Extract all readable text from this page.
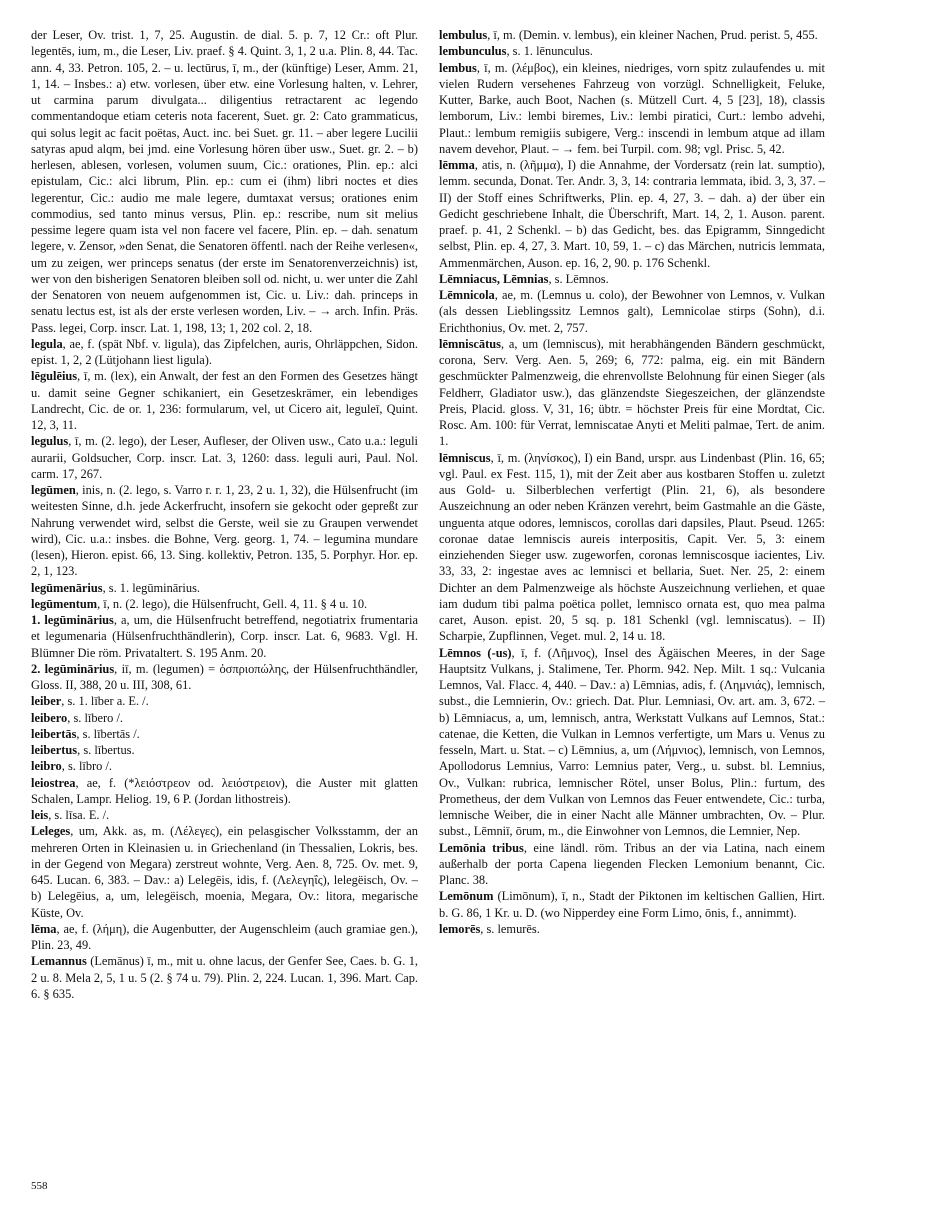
der Leser, Ov. trist. 1, 7, 25. Augustin. de dial. 5. p. 7, 12 Cr.: oft Plur. legentēs, ium, m., die Leser, Liv. praef. § 4. Quint. 3, 1, 2 u.a. Plin. 8, 44. Tac. ann. 4, 33. Petron. 105, 2. – u. lectūrus, ī, m., der (künftige) Leser, Amm. 21, 1, 14. – Insbes.: a) etw. vorlesen, über etw. eine Vorlesung halten, v. Lehrer, ut carmina parum divulgata... diligentius retractarent ac legendo commentandoque etiam ceteris nota facerent, Suet. gr. 2: Cato grammaticus, qui solus legit ac facit poëtas, Auct. inc. bei Suet. gr. 11. – aber legere Lucilii satyras apud alqm, bei jmd. eine Vorlesung hören über usw., Suet. gr. 2. – b) herlesen, ablesen, vorlesen, volumen suum, Cic.: orationes, Plin. ep.: alci epistulam, Cic.: alci librum, Plin. ep.: cum ei (ihm) libri noctes et dies legerentur, Cic.: audio me male legere, dumtaxat versus; orationes enim commodius, sed tanto minus versus, Plin. ep.: rescribe, num sit melius pessime legere quam ista vel non facere vel facere, Plin. ep. – dah. senatum legere, v. Zensor, »den Senat, die Senatoren öffentl. nach der Reihe verlesen«, um zu zeigen, wer princeps senatus (der erste im Senatorenverzeichnis) ist, wer von den bisherigen Senatoren bleiben soll od. nicht, u. wer unter die Zahl der Senatoren von neuem aufgenommen ist, Cic. u. Liv.: dah. princeps in senatu lectus est, ist als der erste verlesen worden, Liv. – → arch. Infin. Präs. Pass. legei, Corp. inscr. Lat. 1, 198, 13; 1, 202 col. 2, 18.

legula, ae, f. (spät Nbf. v. ligula), das Zipfelchen, auris, Ohrläppchen, Sidon. epist. 1, 2, 2 (Lütjohann liest ligula).

lēgulēius, ī, m. (lex), ein Anwalt, der fest an den Formen des Gesetzes hängt u. damit seine Gegner schikaniert, ein Gesetzeskrämer, ein lebendiges Landrecht, Cic. de or. 1, 236: formularum, vel, ut Cicero ait, leguleī, Quint. 12, 3, 11.

legulus, ī, m. (2. lego), der Leser, Aufleser, der Oliven usw., Cato u.a.: leguli aurarii, Goldsucher, Corp. inscr. Lat. 3, 1260: dass. leguli auri, Paul. Nol. carm. 17, 267.

legūmen, inis, n. (2. lego, s. Varro r. r. 1, 23, 2 u. 1, 32), die Hülsenfrucht (im weitesten Sinne, d.h. jede Ackerfrucht, insofern sie gekocht oder gepreßt zur Nahrung verwendet wird, selbst die Gerste, weil sie zu Graupen verwendet wird), Cic. u.a.: insbes. die Bohne, Verg. georg. 1, 74. – legumina mundare (lesen), Hieron. epist. 66, 13. Sing. kollektiv, Petron. 135, 5. Porphyr. Hor. ep. 2, 1, 123.

legūmenārius, s. 1. legūminārius.

legūmentum, ī, n. (2. lego), die Hülsenfrucht, Gell. 4, 11. § 4 u. 10.

1. legūminārius, a, um, die Hülsenfrucht betreffend, negotiatrix frumentaria et legumenaria (Hülsenfruchthändlerin), Corp. inscr. Lat. 6, 9683. Vgl. H. Blümner Die röm. Privataltert. S. 195 Anm. 20.

2. legūminārius, iī, m. (legumen) = ὀσπριοπώλης, der Hülsenfruchthändler, Gloss. II, 388, 20 u. III, 308, 61.

leiber, s. 1. līber a. E. /.

leibero, s. lībero /.

leibertās, s. lībertās /.

leibertus, s. lībertus.

leibro, s. lībro /.

leiostrea, ae, f. (*λειόστρεον od. λειόστρειον), die Auster mit glatten Schalen, Lampr. Heliog. 19, 6 P. (Jordan lithostreis).

leis, s. līsa. E. /.

Leleges, um, Akk. as, m. (Λέλεγες), ein pelasgischer Volksstamm, der an mehreren Orten in Kleinasien u. in Griechenland (in Thessalien, Lokris, bes. in der Gegend von Megara) zerstreut wohnte, Verg. Aen. 8, 725. Ov. met. 9, 645. Lucan. 6, 383. – Dav.: a) Lelegēis, idis, f. (Λελεγηΐς), lelegëisch, Ov. – b) Lelegēius, a, um, lelegëisch, moenia, Megara, Ov.: litora, megarische Küste, Ov.

lēma, ae, f. (λήμη), die Augenbutter, der Augenschleim (auch gramiae gen.), Plin. 23, 49.

Lemannus (Lemānus) ī, m., mit u. ohne lacus, der Genfer See, Caes. b. G. 1, 2 u. 8. Mela 2, 5, 1 u. 5 (2. § 74 u. 79). Plin. 2, 224. Lucan. 1, 396. Mart. Cap. 6. § 635.

lembulus, ī, m. (Demin. v. lembus), ein kleiner Nachen, Prud. perist. 5, 455.

lembunculus, s. 1. lēnunculus.

lembus, ī, m. (λέμβος), ein kleines, niedriges, vorn spitz zulaufendes u. mit vielen Rudern versehenes Fahrzeug von vorzügl. Schnelligkeit, Feluke, Kutter, Barke, auch Boot, Nachen (s. Mützell Curt. 4, 5 [23], 18), classis lemborum, Liv.: lembi biremes, Liv.: lembi piratici, Curt.: lembo advehi, Plaut.: lembum remigiis subigere, Verg.: inscendi in lembum atque ad illam navem devehor, Plaut. – → fem. bei Turpil. com. 98; vgl. Prisc. 5, 42.

lēmma, atis, n. (λῆμμα), I) die Annahme, der Vordersatz (rein lat. sumptio), lemm. secunda, Donat. Ter. Andr. 3, 3, 14: contraria lemmata, ibid. 3, 3, 37. – II) der Stoff eines Schriftwerks, Plin. ep. 4, 27, 3. – dah. a) der über ein Gedicht geschriebene Inhalt, die Überschrift, Mart. 14, 2, 1. Auson. parent. praef. p. 41, 2 Schenkl. – b) das Gedicht, bes. das Epigramm, Sinngedicht selbst, Plin. ep. 4, 27, 3. Mart. 10, 59, 1. – c) das Märchen, nutricis lemmata, Ammenmärchen, Auson. ep. 16, 2, 90. p. 176 Schenkl.

Lēmniacus, Lēmnias, s. Lēmnos.

Lēmnicola, ae, m. (Lemnus u. colo), der Bewohner von Lemnos, v. Vulkan (als dessen Lieblingssitz Lemnos galt), Lemnicolae stirps (Sohn), d.i. Erichthonius, Ov. met. 2, 757.

lēmniscātus, a, um (lemniscus), mit herabhängenden Bändern geschmückt, corona, Serv. Verg. Aen. 5, 269; 6, 772: palma, eig. ein mit Bändern geschmückter Palmenzweig, die ehrenvollste Belohnung für einen Sieger (als Feldherr, Gladiator usw.), das glänzendste Siegeszeichen, der glänzendste Preis, Placid. gloss. V, 31, 16; übtr. = höchster Preis für eine Mordtat, Cic. Rosc. Am. 100: für Verrat, lemniscatae Anyti et Meliti palmae, Tert. de anim. 1.

lēmniscus, ī, m. (ληνίσκος), I) ein Band, urspr. aus Lindenbast (Plin. 16, 65; vgl. Paul. ex Fest. 115, 1), mit der Zeit aber aus kostbaren Stoffen u. zuletzt aus Gold- u. Silberblechen verfertigt (Plin. 21, 6), als besondere Auszeichnung an oder neben Kränzen verehrt, beim Gastmahle an die Gäste, unguenta atque odores, lemniscos, corollas dari dapsiles, Plaut. Pseud. 1265: coronae datae lemniscis aureis interpositis, Capit. Ver. 5, 3: einem einziehenden Sieger usw. zugeworfen, coronas lemniscosque iacientes, Liv. 33, 33, 2: ingestae aves ac lemnisci et bellaria, Suet. Ner. 25, 2: einem Dichter an dem Palmenzweige als höchste Auszeichnung verliehen, et quae iam dudum tibi palma poëtica pollet, lemnisco ornata est, quo mea palma caret, Auson. epist. 20, 5 sq. p. 181 Schenkl (vgl. lemniscatus). – II) Scharpie, Zupflinnen, Veget. mul. 2, 14 u. 18.

Lēmnos (-us), ī, f. (Λῆμνος), Insel des Ägäischen Meeres, in der Sage Hauptsitz Vulkans, j. Stalimene, Ter. Phorm. 942. Nep. Milt. 1 sq.: Vulcania Lemnos, Val. Flacc. 4, 440. – Dav.: a) Lēmnias, adis, f. (Λημνιάς), lemnisch, subst., die Lemnierin, Ov.: griech. Dat. Plur. Lemniasi, Ov. art. am. 3, 672. – b) Lēmniacus, a, um, lemnisch, antra, Werkstatt Vulkans auf Lemnos, Stat.: catenae, die Ketten, die Vulkan in Lemnos verfertigte, um Mars u. Venus zu fesseln, Mart. u. Stat. – c) Lēmnius, a, um (Λήμνιος), lemnisch, von Lemnos, Apollodorus Lemnius, Varro: Lemnius pater, Verg., u. subst. bl. Lemnius, Ov., Vulkan: rubrica, lemnischer Rötel, unser Bolus, Plin.: furtum, des Prometheus, der dem Vulkan von Lemnos das Feuer entwendete, Cic.: turba, lemnische Weiber, die in einer Nacht alle Männer umbrachten, Ov. – Plur. subst., Lēmniī, ōrum, m., die Einwohner von Lemnos, die Lemnier, Nep.

Lemōnia tribus, eine ländl. röm. Tribus an der via Latina, nach einem außerhalb der porta Capena liegenden Flecken Lemonium benannt, Cic. Planc. 38.

Lemōnum (Limōnum), ī, n., Stadt der Piktonen im keltischen Gallien, Hirt. b. G. 86, 1 Kr. u. D. (wo Nipperdey eine Form Limo, ōnis, f., annimmt).

lemorēs, s. lemurēs.

558
